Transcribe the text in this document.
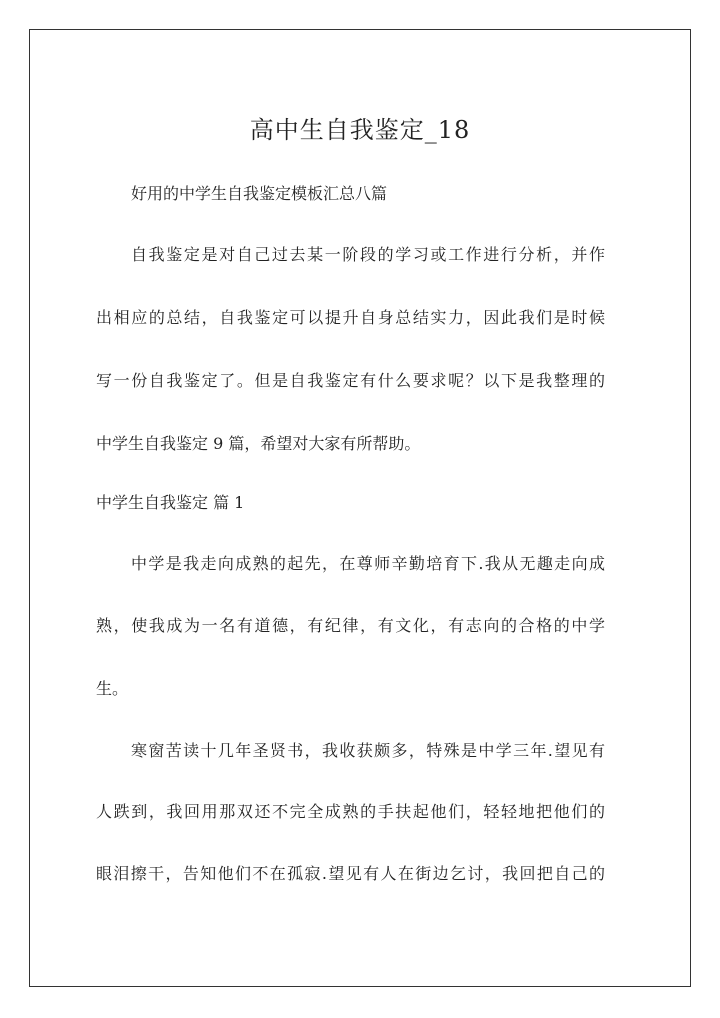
高中生自我鉴定_18
好用的中学生自我鉴定模板汇总八篇
自我鉴定是对自己过去某一阶段的学习或工作进行分析，并作
出相应的总结，自我鉴定可以提升自身总结实力，因此我们是时候
写一份自我鉴定了。但是自我鉴定有什么要求呢？以下是我整理的
中学生自我鉴定 9 篇，希望对大家有所帮助。
中学生自我鉴定 篇 1
中学是我走向成熟的起先，在尊师辛勤培育下.我从无趣走向成
熟，使我成为一名有道德，有纪律，有文化，有志向的合格的中学
生。
寒窗苦读十几年圣贤书，我收获颇多，特殊是中学三年.望见有
人跌到，我回用那双还不完全成熟的手扶起他们，轻轻地把他们的
眼泪擦干，告知他们不在孤寂.望见有人在街边乞讨，我回把自己的
